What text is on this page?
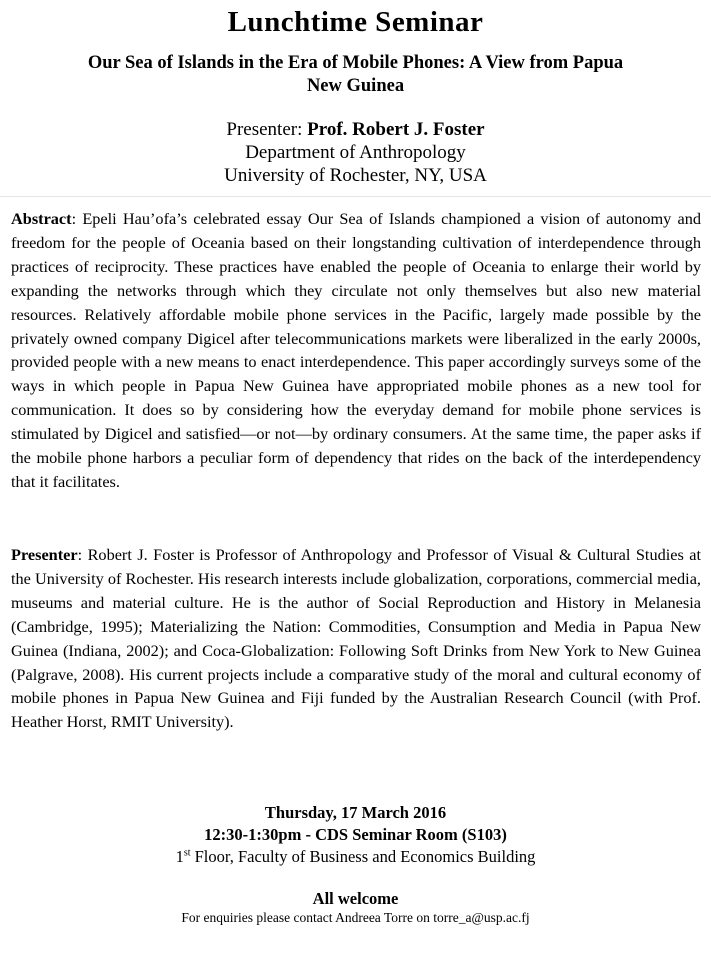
Lunchtime Seminar
Our Sea of Islands in the Era of Mobile Phones: A View from Papua
New Guinea
Presenter: Prof. Robert J. Foster
Department of Anthropology
University of Rochester, NY, USA
Abstract: Epeli Hau’ofa’s celebrated essay Our Sea of Islands championed a vision of autonomy and freedom for the people of Oceania based on their longstanding cultivation of interdependence through practices of reciprocity. These practices have enabled the people of Oceania to enlarge their world by expanding the networks through which they circulate not only themselves but also new material resources. Relatively affordable mobile phone services in the Pacific, largely made possible by the privately owned company Digicel after telecommunications markets were liberalized in the early 2000s, provided people with a new means to enact interdependence. This paper accordingly surveys some of the ways in which people in Papua New Guinea have appropriated mobile phones as a new tool for communication. It does so by considering how the everyday demand for mobile phone services is stimulated by Digicel and satisfied—or not—by ordinary consumers. At the same time, the paper asks if the mobile phone harbors a peculiar form of dependency that rides on the back of the interdependency that it facilitates.
Presenter: Robert J. Foster is Professor of Anthropology and Professor of Visual & Cultural Studies at the University of Rochester. His research interests include globalization, corporations, commercial media, museums and material culture. He is the author of Social Reproduction and History in Melanesia (Cambridge, 1995); Materializing the Nation: Commodities, Consumption and Media in Papua New Guinea (Indiana, 2002); and Coca-Globalization: Following Soft Drinks from New York to New Guinea (Palgrave, 2008). His current projects include a comparative study of the moral and cultural economy of mobile phones in Papua New Guinea and Fiji funded by the Australian Research Council (with Prof. Heather Horst, RMIT University).
Thursday, 17 March 2016
12:30-1:30pm - CDS Seminar Room (S103)
1st Floor, Faculty of Business and Economics Building
All welcome
For enquiries please contact Andreea Torre on torre_a@usp.ac.fj
